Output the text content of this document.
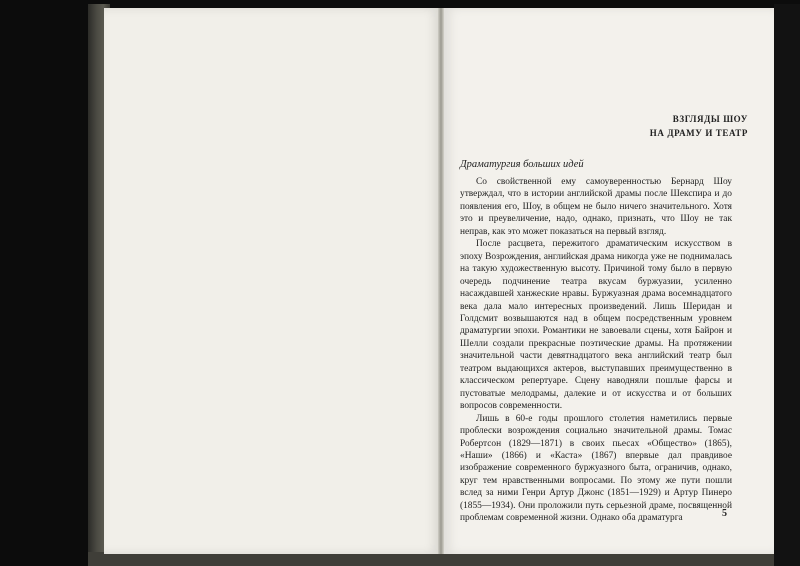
ВЗГЛЯДЫ ШОУ
НА ДРАМУ И ТЕАТР
Драматургия больших идей

Со свойственной ему самоуверенностью Бернард Шоу утверждал, что в истории английской драмы после Шекспира и до появления его, Шоу, в общем не было ничего значительного. Хотя это и преувеличение, надо, однако, признать, что Шоу не так неправ, как это может показаться на первый взгляд.

После расцвета, пережитого драматическим искусством в эпоху Возрождения, английская драма никогда уже не поднималась на такую художественную высоту. Причиной тому было в первую очередь подчинение театра вкусам буржуазии, усиленно насаждавшей ханжеские нравы. Буржуазная драма восемнадцатого века дала мало интересных произведений. Лишь Шеридан и Голдсмит возвышаются над в общем посредственным уровнем драматургии эпохи. Романтики не завоевали сцены, хотя Байрон и Шелли создали прекрасные поэтические драмы. На протяжении значительной части девятнадцатого века английский театр был театром выдающихся актеров, выступавших преимущественно в классическом репертуаре. Сцену наводняли пошлые фарсы и пустоватые мелодрамы, далекие и от искусства и от больших вопросов современности.

Лишь в 60-е годы прошлого столетия наметились первые проблески возрождения социально значительной драмы. Томас Робертсон (1829—1871) в своих пьесах «Общество» (1865), «Наши» (1866) и «Каста» (1867) впервые дал правдивое изображение современного буржуазного быта, ограничив, однако, круг тем нравственными вопросами. По этому же пути пошли вслед за ними Генри Артур Джонс (1851—1929) и Артур Пинеро (1855—1934). Они проложили путь серьезной драме, посвященной проблемам современной жизни. Однако оба драматурга	5
